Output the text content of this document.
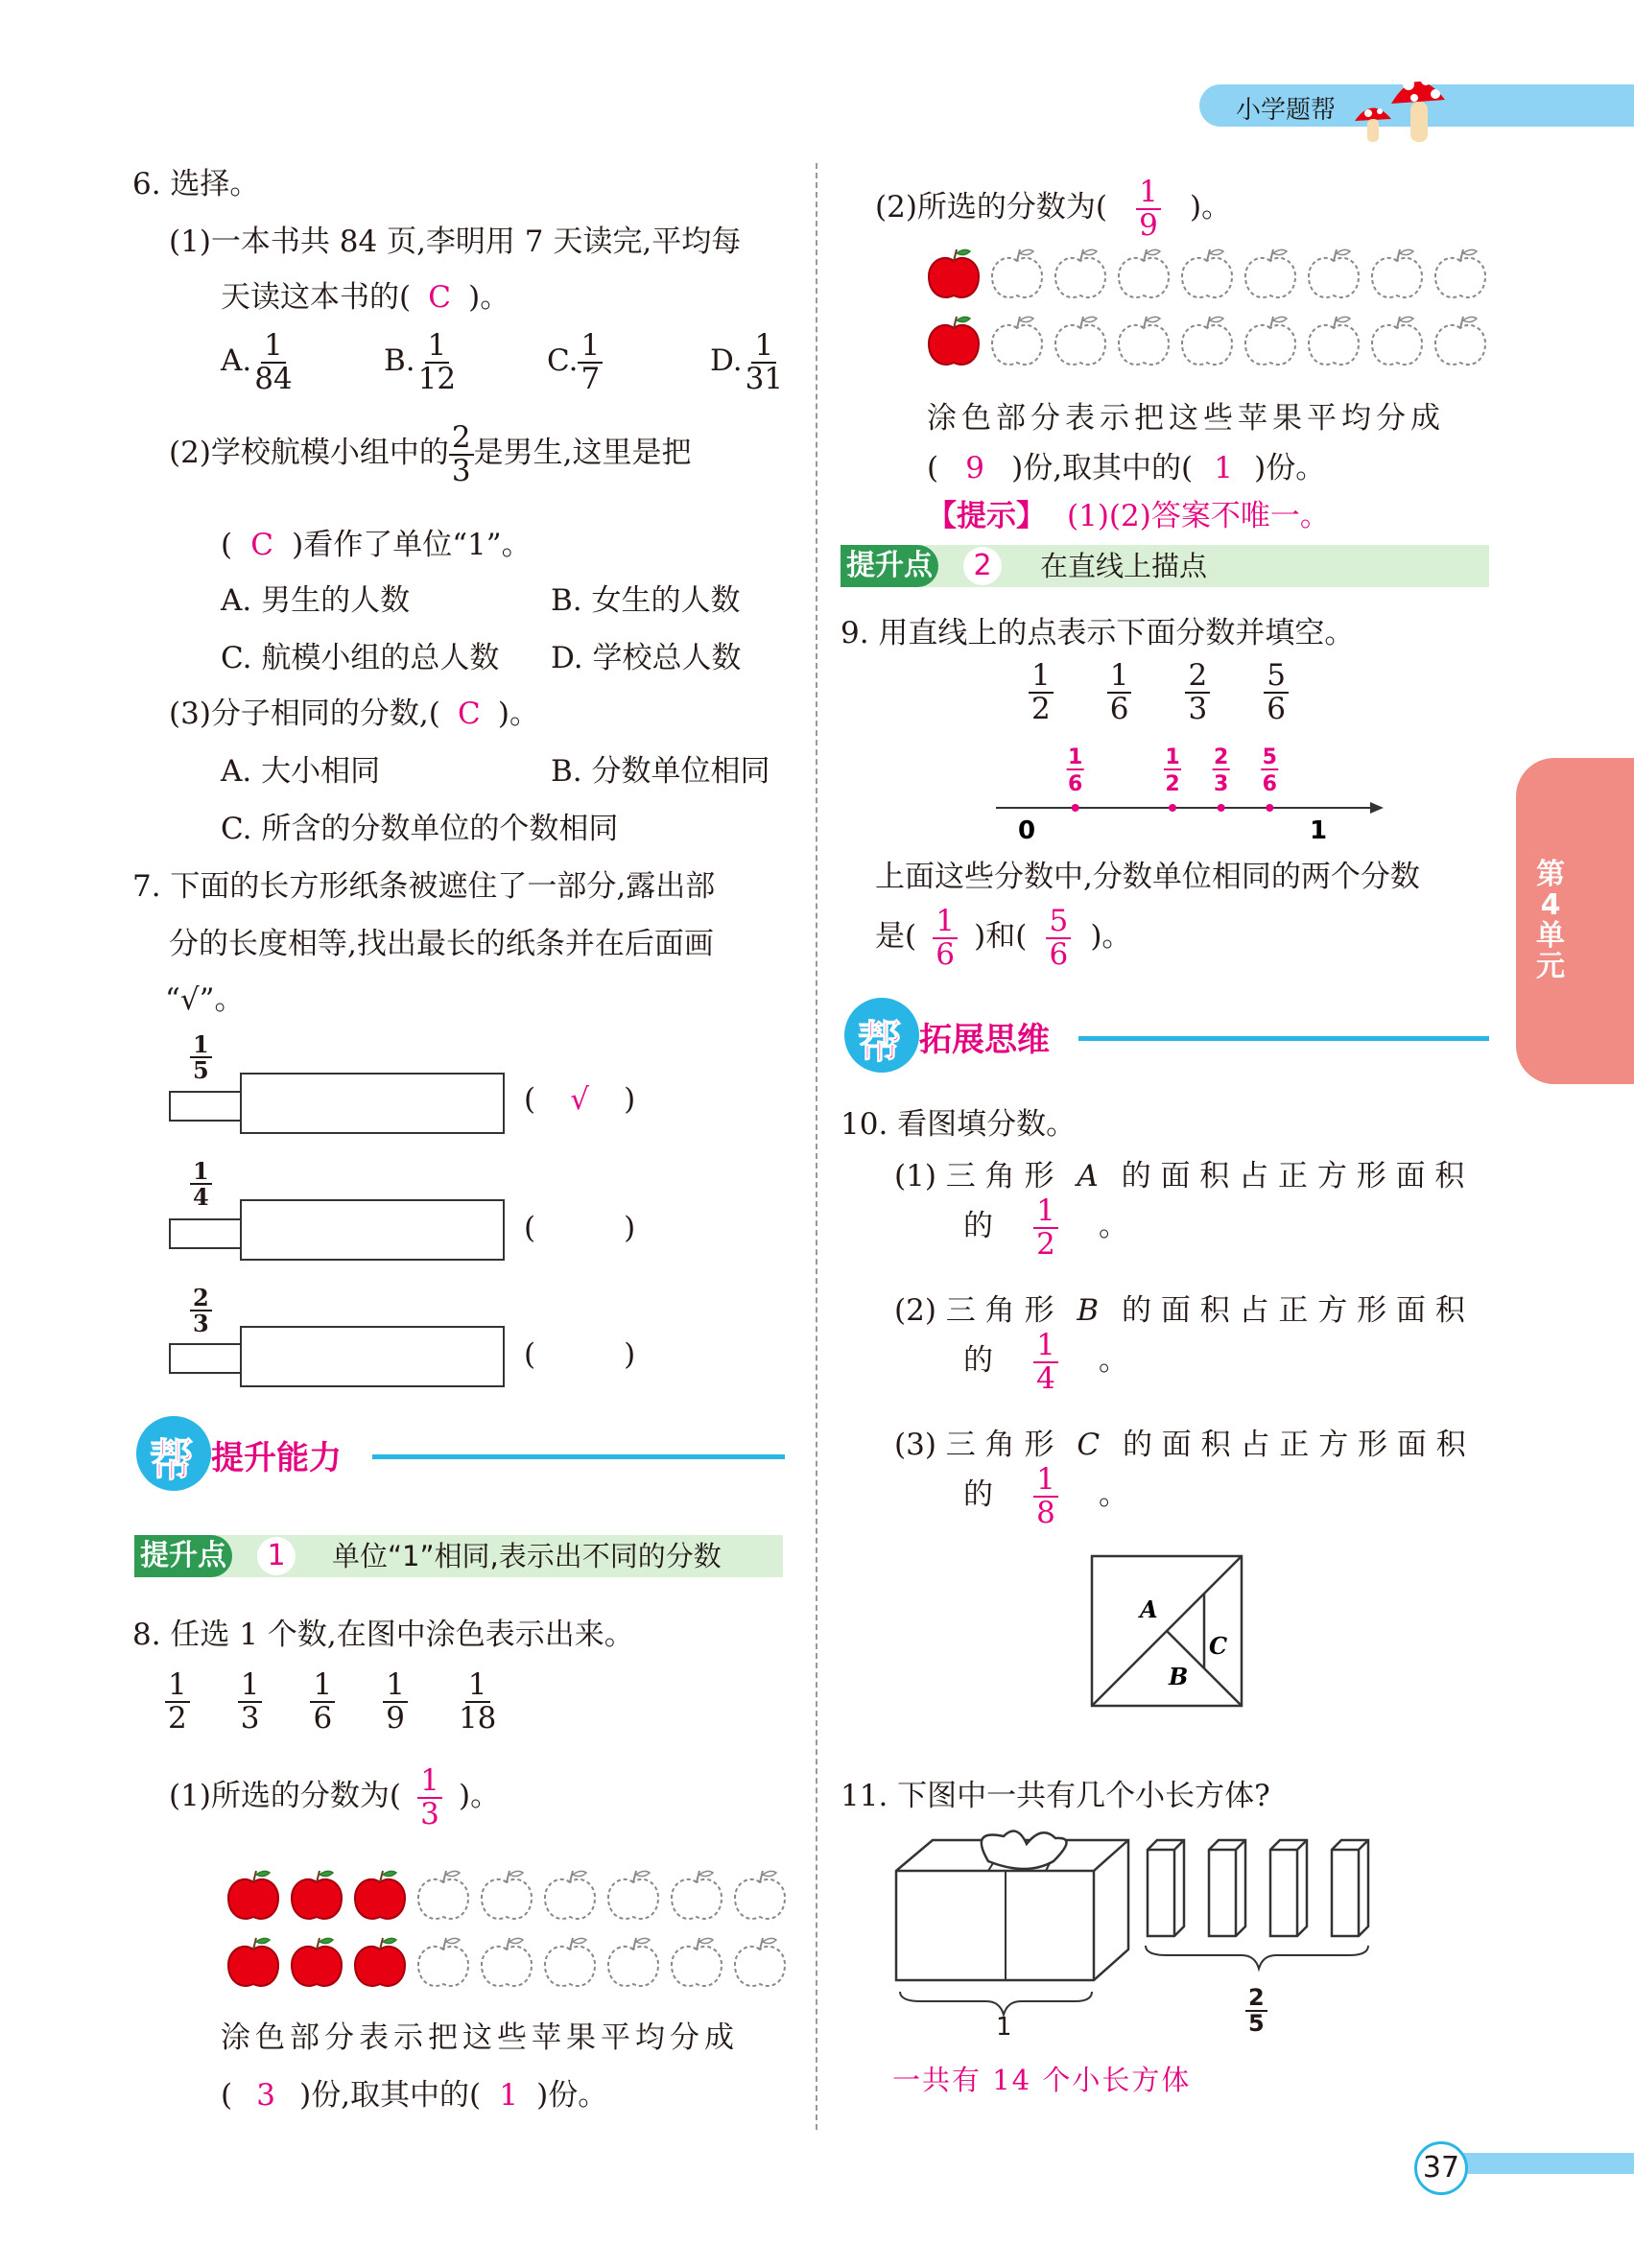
小学题帮
第
4
单
元
37
6. 选择。
(1)一本书共 84 页,李明用 7 天读完,平均每
天读这本书的( C )。
A. $\frac{1}{84}$	B. $\frac{1}{12}$	C. $\frac{1}{7}$	D. $\frac{1}{31}$
(2)学校航模小组中的 $\frac{2}{3}$ 是男生,这里是把
( C )看作了单位“1”。
A. 男生的人数	B. 女生的人数
C. 航模小组的总人数 D. 学校总人数
(3)分子相同的分数,( C )。
A. 大小相同	B. 分数单位相同
C. 所含的分数单位的个数相同
7. 下面的长方形纸条被遮住了一部分,露出部
分的长度相等,找出最长的纸条并在后面画
“√”。
$\frac{1}{5}$
( √ )
$\frac{1}{4}$
(	)
$\frac{2}{3}$
(	)
帮 提升能力
提升点	1	单位“1”相同,表示出不同的分数
8. 任选 1 个数,在图中涂色表示出来。
$\frac{1}{2} \frac{1}{3} \frac{1}{6} \frac{1}{9} \frac{1}{18}$
(1)所选的分数为( $\frac{1}{3}$ )。
涂色部分表示把这些苹果平均分成
( 3 )份,取其中的( 1 )份。
(2)所选的分数为( $\frac{1}{9}$ )。
涂色部分表示把这些苹果平均分成
( 9 )份,取其中的( 1 )份。
【提示】 (1)(2)答案不唯一。
提升点	2	在直线上描点
9. 用直线上的点表示下面分数并填空。
$\frac{1}{2} \frac{1}{6} \frac{2}{3} \frac{5}{6}$
0	1
1
6
1
2
2
3
5
6
上面这些分数中,分数单位相同的两个分数
是( $\frac{1}{6}$ )和( $\frac{5}{6}$ )。
帮 拓展思维
10. 看图填分数。
(1) 三 角 形 A 的 面 积 占 正 方 形 面 积
的 $\frac{1}{2}$ 。
(2) 三 角 形 B 的 面 积 占 正 方 形 面 积
的 $\frac{1}{4}$ 。
(3) 三 角 形 C 的 面 积 占 正 方 形 面 积
的 $\frac{1}{8}$ 。
A
B
C
11. 下图中一共有几个小长方体?
1	$\frac{2}{5}$
一共有 14 个小长方体
